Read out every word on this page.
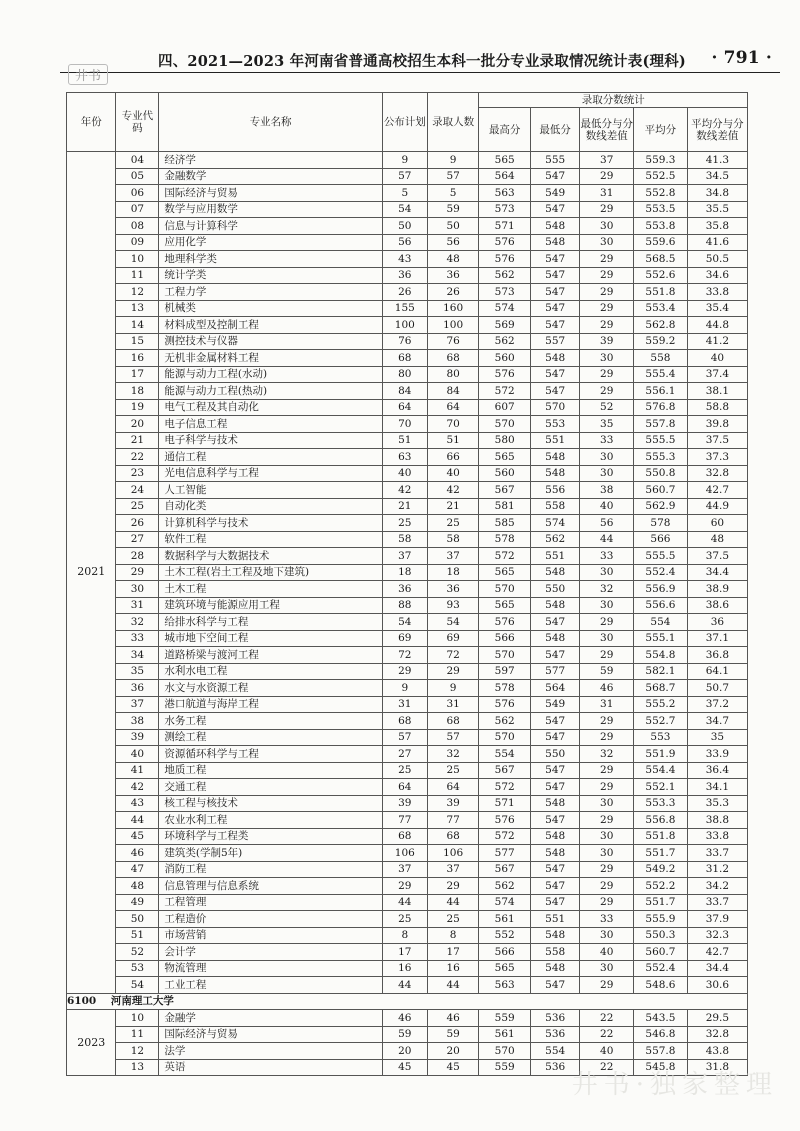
四、2021—2023 年河南省普通高校招生本科一批分专业录取情况统计表(理科) · 791 ·
井书
年份	专业代码	专业名称	公布计划	录取人数	录取分数统计				
					最高分	最低分	最低分与分数线差值	平均分	平均分与分数线差值
2021	04	经济学	9	9	565	555	37	559.3	41.3
	05	金融数学	57	57	564	547	29	552.5	34.5
	06	国际经济与贸易	5	5	563	549	31	552.8	34.8
	07	数学与应用数学	54	59	573	547	29	553.5	35.5
	08	信息与计算科学	50	50	571	548	30	553.8	35.8
	09	应用化学	56	56	576	548	30	559.6	41.6
	10	地理科学类	43	48	576	547	29	568.5	50.5
	11	统计学类	36	36	562	547	29	552.6	34.6
	12	工程力学	26	26	573	547	29	551.8	33.8
	13	机械类	155	160	574	547	29	553.4	35.4
	14	材料成型及控制工程	100	100	569	547	29	562.8	44.8
	15	测控技术与仪器	76	76	562	557	39	559.2	41.2
	16	无机非金属材料工程	68	68	560	548	30	558	40
	17	能源与动力工程(水动)	80	80	576	547	29	555.4	37.4
	18	能源与动力工程(热动)	84	84	572	547	29	556.1	38.1
	19	电气工程及其自动化	64	64	607	570	52	576.8	58.8
	20	电子信息工程	70	70	570	553	35	557.8	39.8
	21	电子科学与技术	51	51	580	551	33	555.5	37.5
	22	通信工程	63	66	565	548	30	555.3	37.3
	23	光电信息科学与工程	40	40	560	548	30	550.8	32.8
	24	人工智能	42	42	567	556	38	560.7	42.7
	25	自动化类	21	21	581	558	40	562.9	44.9
	26	计算机科学与技术	25	25	585	574	56	578	60
	27	软件工程	58	58	578	562	44	566	48
	28	数据科学与大数据技术	37	37	572	551	33	555.5	37.5
	29	土木工程(岩土工程及地下建筑)	18	18	565	548	30	552.4	34.4
	30	土木工程	36	36	570	550	32	556.9	38.9
	31	建筑环境与能源应用工程	88	93	565	548	30	556.6	38.6
	32	给排水科学与工程	54	54	576	547	29	554	36
	33	城市地下空间工程	69	69	566	548	30	555.1	37.1
	34	道路桥梁与渡河工程	72	72	570	547	29	554.8	36.8
	35	水利水电工程	29	29	597	577	59	582.1	64.1
	36	水文与水资源工程	9	9	578	564	46	568.7	50.7
	37	港口航道与海岸工程	31	31	576	549	31	555.2	37.2
	38	水务工程	68	68	562	547	29	552.7	34.7
	39	测绘工程	57	57	570	547	29	553	35
	40	资源循环科学与工程	27	32	554	550	32	551.9	33.9
	41	地质工程	25	25	567	547	29	554.4	36.4
	42	交通工程	64	64	572	547	29	552.1	34.1
	43	核工程与核技术	39	39	571	548	30	553.3	35.3
	44	农业水利工程	77	77	576	547	29	556.8	38.8
	45	环境科学与工程类	68	68	572	548	30	551.8	33.8
	46	建筑类(学制5年)	106	106	577	548	30	551.7	33.7
	47	消防工程	37	37	567	547	29	549.2	31.2
	48	信息管理与信息系统	29	29	562	547	29	552.2	34.2
	49	工程管理	44	44	574	547	29	551.7	33.7
	50	工程造价	25	25	561	551	33	555.9	37.9
	51	市场营销	8	8	552	548	30	550.3	32.3
	52	会计学	17	17	566	558	40	560.7	42.7
	53	物流管理	16	16	565	548	30	552.4	34.4
	54	工业工程	44	44	563	547	29	548.6	30.6
6100 河南理工大学									
2023	10	金融学	46	46	559	536	22	543.5	29.5
	11	国际经济与贸易	59	59	561	536	22	546.8	32.8
	12	法学	20	20	570	554	40	557.8	43.8
	13	英语	45	45	559	536	22	545.8	31.8
井书·独家整理
